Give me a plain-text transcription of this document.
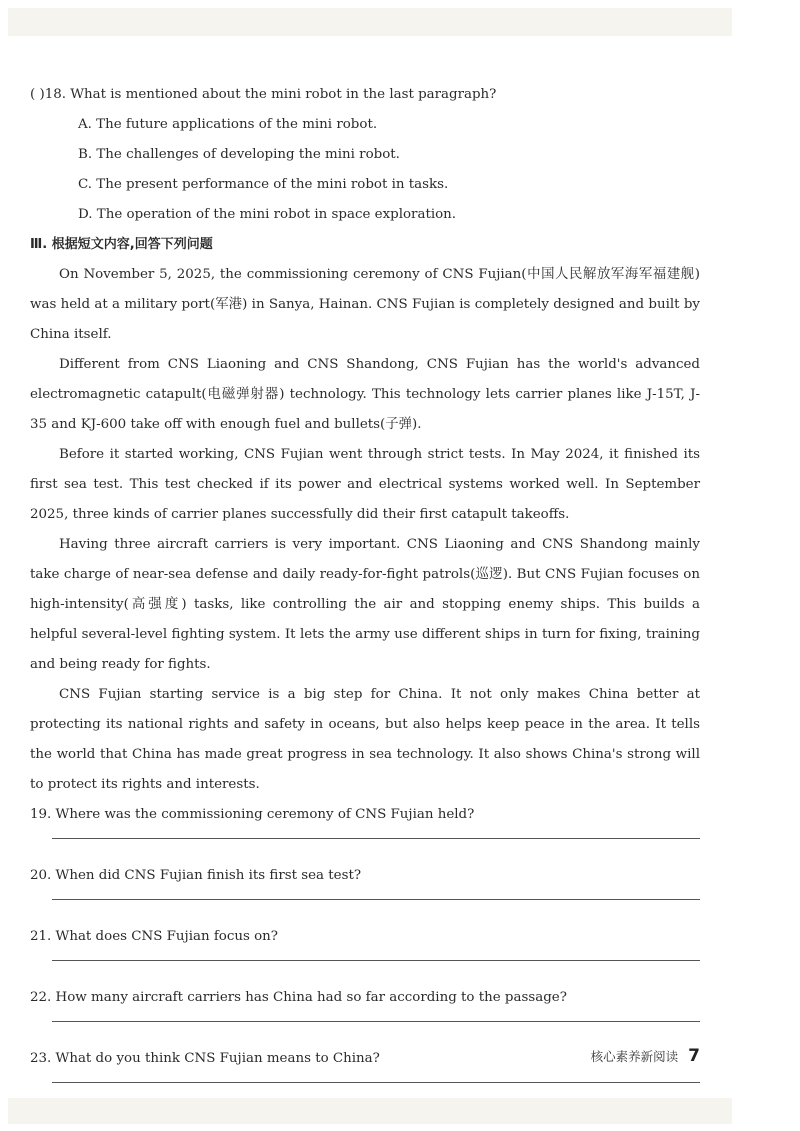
( )18. What is mentioned about the mini robot in the last paragraph?

A. The future applications of the mini robot.

B. The challenges of developing the mini robot.

C. The present performance of the mini robot in tasks.

D. The operation of the mini robot in space exploration.

Ⅲ. 根据短文内容,回答下列问题

On November 5, 2025, the commissioning ceremony of CNS Fujian(中国人民解放军海军福建舰) was held at a military port(军港) in Sanya, Hainan. CNS Fujian is completely designed and built by China itself.

Different from CNS Liaoning and CNS Shandong, CNS Fujian has the world's advanced electromagnetic catapult(电磁弹射器) technology. This technology lets carrier planes like J-15T, J-35 and KJ-600 take off with enough fuel and bullets(子弹).

Before it started working, CNS Fujian went through strict tests. In May 2024, it finished its first sea test. This test checked if its power and electrical systems worked well. In September 2025, three kinds of carrier planes successfully did their first catapult takeoffs.

Having three aircraft carriers is very important. CNS Liaoning and CNS Shandong mainly take charge of near-sea defense and daily ready-for-fight patrols(巡逻). But CNS Fujian focuses on high-intensity(高强度) tasks, like controlling the air and stopping enemy ships. This builds a helpful several-level fighting system. It lets the army use different ships in turn for fixing, training and being ready for fights.

CNS Fujian starting service is a big step for China. It not only makes China better at protecting its national rights and safety in oceans, but also helps keep peace in the area. It tells the world that China has made great progress in sea technology. It also shows China's strong will to protect its rights and interests.

19. Where was the commissioning ceremony of CNS Fujian held?

20. When did CNS Fujian finish its first sea test?

21. What does CNS Fujian focus on?

22. How many aircraft carriers has China had so far according to the passage?

23. What do you think CNS Fujian means to China?	核心素养新阅读 7
